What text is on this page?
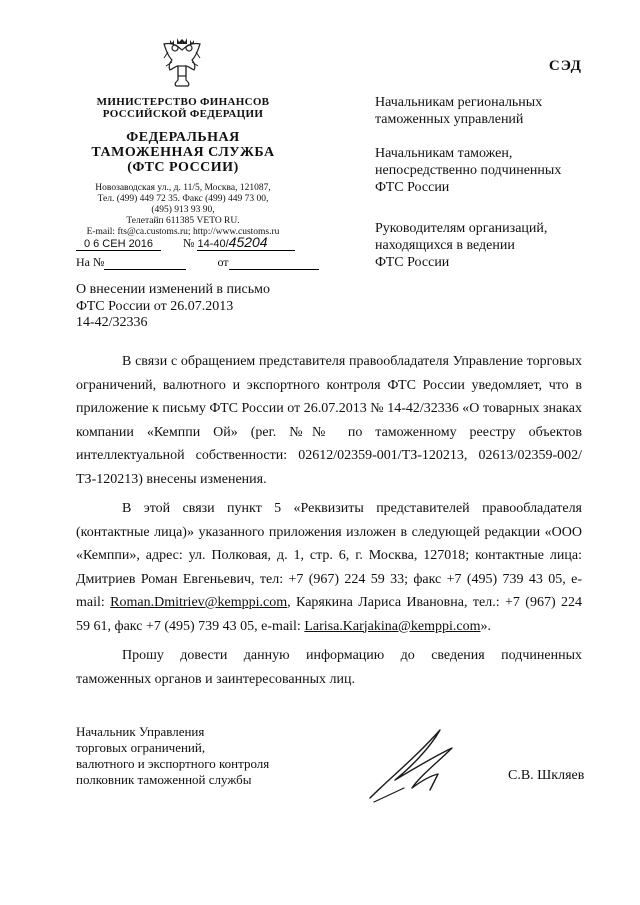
СЭД
МИНИСТЕРСТВО ФИНАНСОВ
РОССИЙСКОЙ ФЕДЕРАЦИИ
ФЕДЕРАЛЬНАЯ
ТАМОЖЕННАЯ СЛУЖБА
(ФТС РОССИИ)
Новозаводская ул., д. 11/5, Москва, 121087,
Тел. (499) 449 72 35. Факс (499) 449 73 00,
(495) 913 93 90,
Телетайп 611385 VETO RU.
E-mail: fts@ca.customs.ru; http://www.customs.ru
0 6 СЕН 2016 № 14-40/45204
На №	от
Начальникам региональных
таможенных управлений
Начальникам таможен,
непосредственно подчиненных
ФТС России
Руководителям организаций,
находящихся в ведении
ФТС России
О внесении изменений в письмо
ФТС России от 26.07.2013
14-42/32336

В связи с обращением представителя правообладателя Управление торговых ограничений, валютного и экспортного контроля ФТС России уведомляет, что в приложение к письму ФТС России от 26.07.2013 № 14-42/32336 «О товарных знаках компании «Кемппи Ой» (рег. №№ по таможенному реестру объектов интеллектуальной собственности: 02612/02359-001/ТЗ-120213, 02613/02359-002/ТЗ-120213) внесены изменения.

В этой связи пункт 5 «Реквизиты представителей правообладателя (контактные лица)» указанного приложения изложен в следующей редакции «ООО «Кемппи», адрес: ул. Полковая, д. 1, стр. 6, г. Москва, 127018; контактные лица: Дмитриев Роман Евгеньевич, тел: +7 (967) 224 59 33; факс +7 (495) 739 43 05, e-mail: Roman.Dmitriev@kemppi.com, Карякина Лариса Ивановна, тел.: +7 (967) 224 59 61, факс +7 (495) 739 43 05, e-mail: Larisa.Karjakina@kemppi.com».

Прошу довести данную информацию до сведения подчиненных таможенных органов и заинтересованных лиц.

Начальник Управления
торговых ограничений,
валютного и экспортного контроля
полковник таможенной службы	С.В. Шкляев
